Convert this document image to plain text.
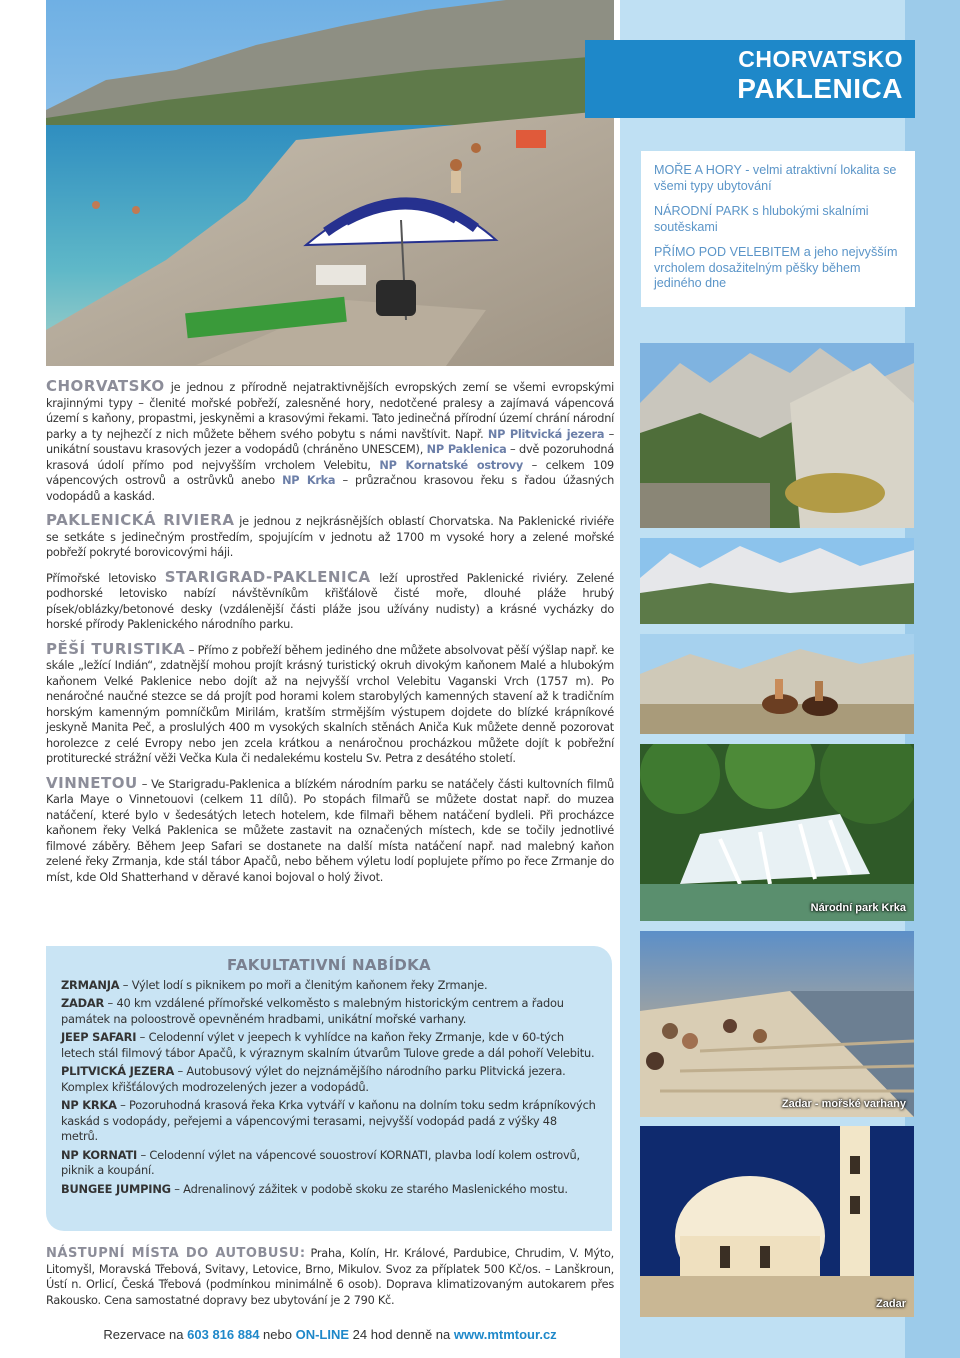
CHORVATSKO
PAKLENICA

MOŘE A HORY - velmi atraktivní lokalita se všemi typy ubytování

NÁRODNÍ PARK s hlubokými skalními soutěskami

PŘÍMO POD VELEBITEM a jeho nejvyšším vrcholem dosažitelným pěšky během jediného dne

Národní park Krka
Zadar - mořské varhany
Zadar

CHORVATSKO je jednou z přírodně nejatraktivnějších evropských zemí se všemi evropskými krajinnými typy – členité mořské pobřeží, zalesněné hory, nedotčené pralesy a zajímavá vápencová území s kaňony, propastmi, jeskyněmi a krasovými řekami. Tato jedinečná přírodní území chrání národní parky a ty nejhezčí z nich můžete během svého pobytu s námi navštívit. Např. NP Plitvická jezera – unikátní soustavu krasových jezer a vodopádů (chráněno UNESCEM), NP Paklenica – dvě pozoruhodná krasová údolí přímo pod nejvyšším vrcholem Velebitu, NP Kornatské ostrovy – celkem 109 vápencových ostrovů a ostrůvků anebo NP Krka – průzračnou krasovou řeku s řadou úžasných vodopádů a kaskád.

PAKLENICKÁ RIVIERA je jednou z nejkrásnějších oblastí Chorvatska. Na Paklenické riviéře se setkáte s jedinečným prostředím, spojujícím v jednotu až 1700 m vysoké hory a zelené mořské pobřeží pokryté borovicovými háji.

Přímořské letovisko STARIGRAD-PAKLENICA leží uprostřed Paklenické riviéry. Zelené podhorské letovisko nabízí návštěvníkům křišťálově čisté moře, dlouhé pláže hrubý písek/oblázky/betonové desky (vzdálenější části pláže jsou užívány nudisty) a krásné vycházky do horské přírody Paklenického národního parku.

PĚŠÍ TURISTIKA – Přímo z pobřeží během jediného dne můžete absolvovat pěší výšlap např. ke skále „ležící Indián“, zdatnější mohou projít krásný turistický okruh divokým kaňonem Malé a hlubokým kaňonem Velké Paklenice nebo dojít až na nejvyšší vrchol Velebitu Vaganski Vrch (1757 m). Po nenáročné naučné stezce se dá projít pod horami kolem starobylých kamenných stavení až k tradičním horským kamenným pomníčkům Mirilám, kratším strmějším výstupem dojdete do blízké krápníkové jeskyně Manita Peč, a proslulých 400 m vysokých skalních stěnách Aniča Kuk můžete denně pozorovat horolezce z celé Evropy nebo jen zcela krátkou a nenáročnou procházkou můžete dojít k pobřežní protiturecké strážní věži Večka Kula či nedalekému kostelu Sv. Petra z desátého století.

VINNETOU – Ve Starigradu-Paklenica a blízkém národním parku se natáčely části kultovních filmů Karla Maye o Vinnetouovi (celkem 11 dílů). Po stopách filmařů se můžete dostat např. do muzea natáčení, které bylo v šedesátých letech hotelem, kde filmaři během natáčení bydleli. Při procházce kaňonem řeky Velká Paklenica se můžete zastavit na označených místech, kde se točily jednotlivé filmové záběry. Během Jeep Safari se dostanete na další místa natáčení např. nad malebný kaňon zelené řeky Zrmanja, kde stál tábor Apačů, nebo během výletu lodí poplujete přímo po řece Zrmanje do míst, kde Old Shatterhand v děravé kanoi bojoval o holý život.

FAKULTATIVNÍ NABÍDKA
ZRMANJA – Výlet lodí s piknikem po moři a členitým kaňonem řeky Zrmanje.
ZADAR – 40 km vzdálené přímořské velkoměsto s malebným historickým centrem a řadou památek na poloostrově opevněném hradbami, unikátní mořské varhany.
JEEP SAFARI – Celodenní výlet v jeepech k vyhlídce na kaňon řeky Zrmanje, kde v 60-tých letech stál filmový tábor Apačů, k výraznym skalním útvarům Tulove grede a dál pohoří Velebitu.
PLITVICKÁ JEZERA – Autobusový výlet do nejznámějšího národního parku Plitvická jezera. Komplex křišťálových modrozelených jezer a vodopádů.
NP KRKA – Pozoruhodná krasová řeka Krka vytváří v kaňonu na dolním toku sedm krápníkových kaskád s vodopády, peřejemi a vápencovými terasami, nejvyšší vodopád padá z výšky 48 metrů.
NP KORNATI – Celodenní výlet na vápencové souostroví KORNATI, plavba lodí kolem ostrovů, piknik a koupání.
BUNGEE JUMPING – Adrenalinový zážitek v podobě skoku ze starého Maslenického mostu.
NÁSTUPNÍ MÍSTA DO AUTOBUSU: Praha, Kolín, Hr. Králové, Pardubice, Chrudim, V. Mýto, Litomyšl, Moravská Třebová, Svitavy, Letovice, Brno, Mikulov. Svoz za příplatek 500 Kč/os. – Lanškroun, Ústí n. Orlicí, Česká Třebová (podmínkou minimálně 6 osob). Doprava klimatizovaným autokarem přes Rakousko. Cena samostatné dopravy bez ubytování je 2 790 Kč.
Rezervace na 603 816 884 nebo ON-LINE 24 hod denně na www.mtmtour.cz
